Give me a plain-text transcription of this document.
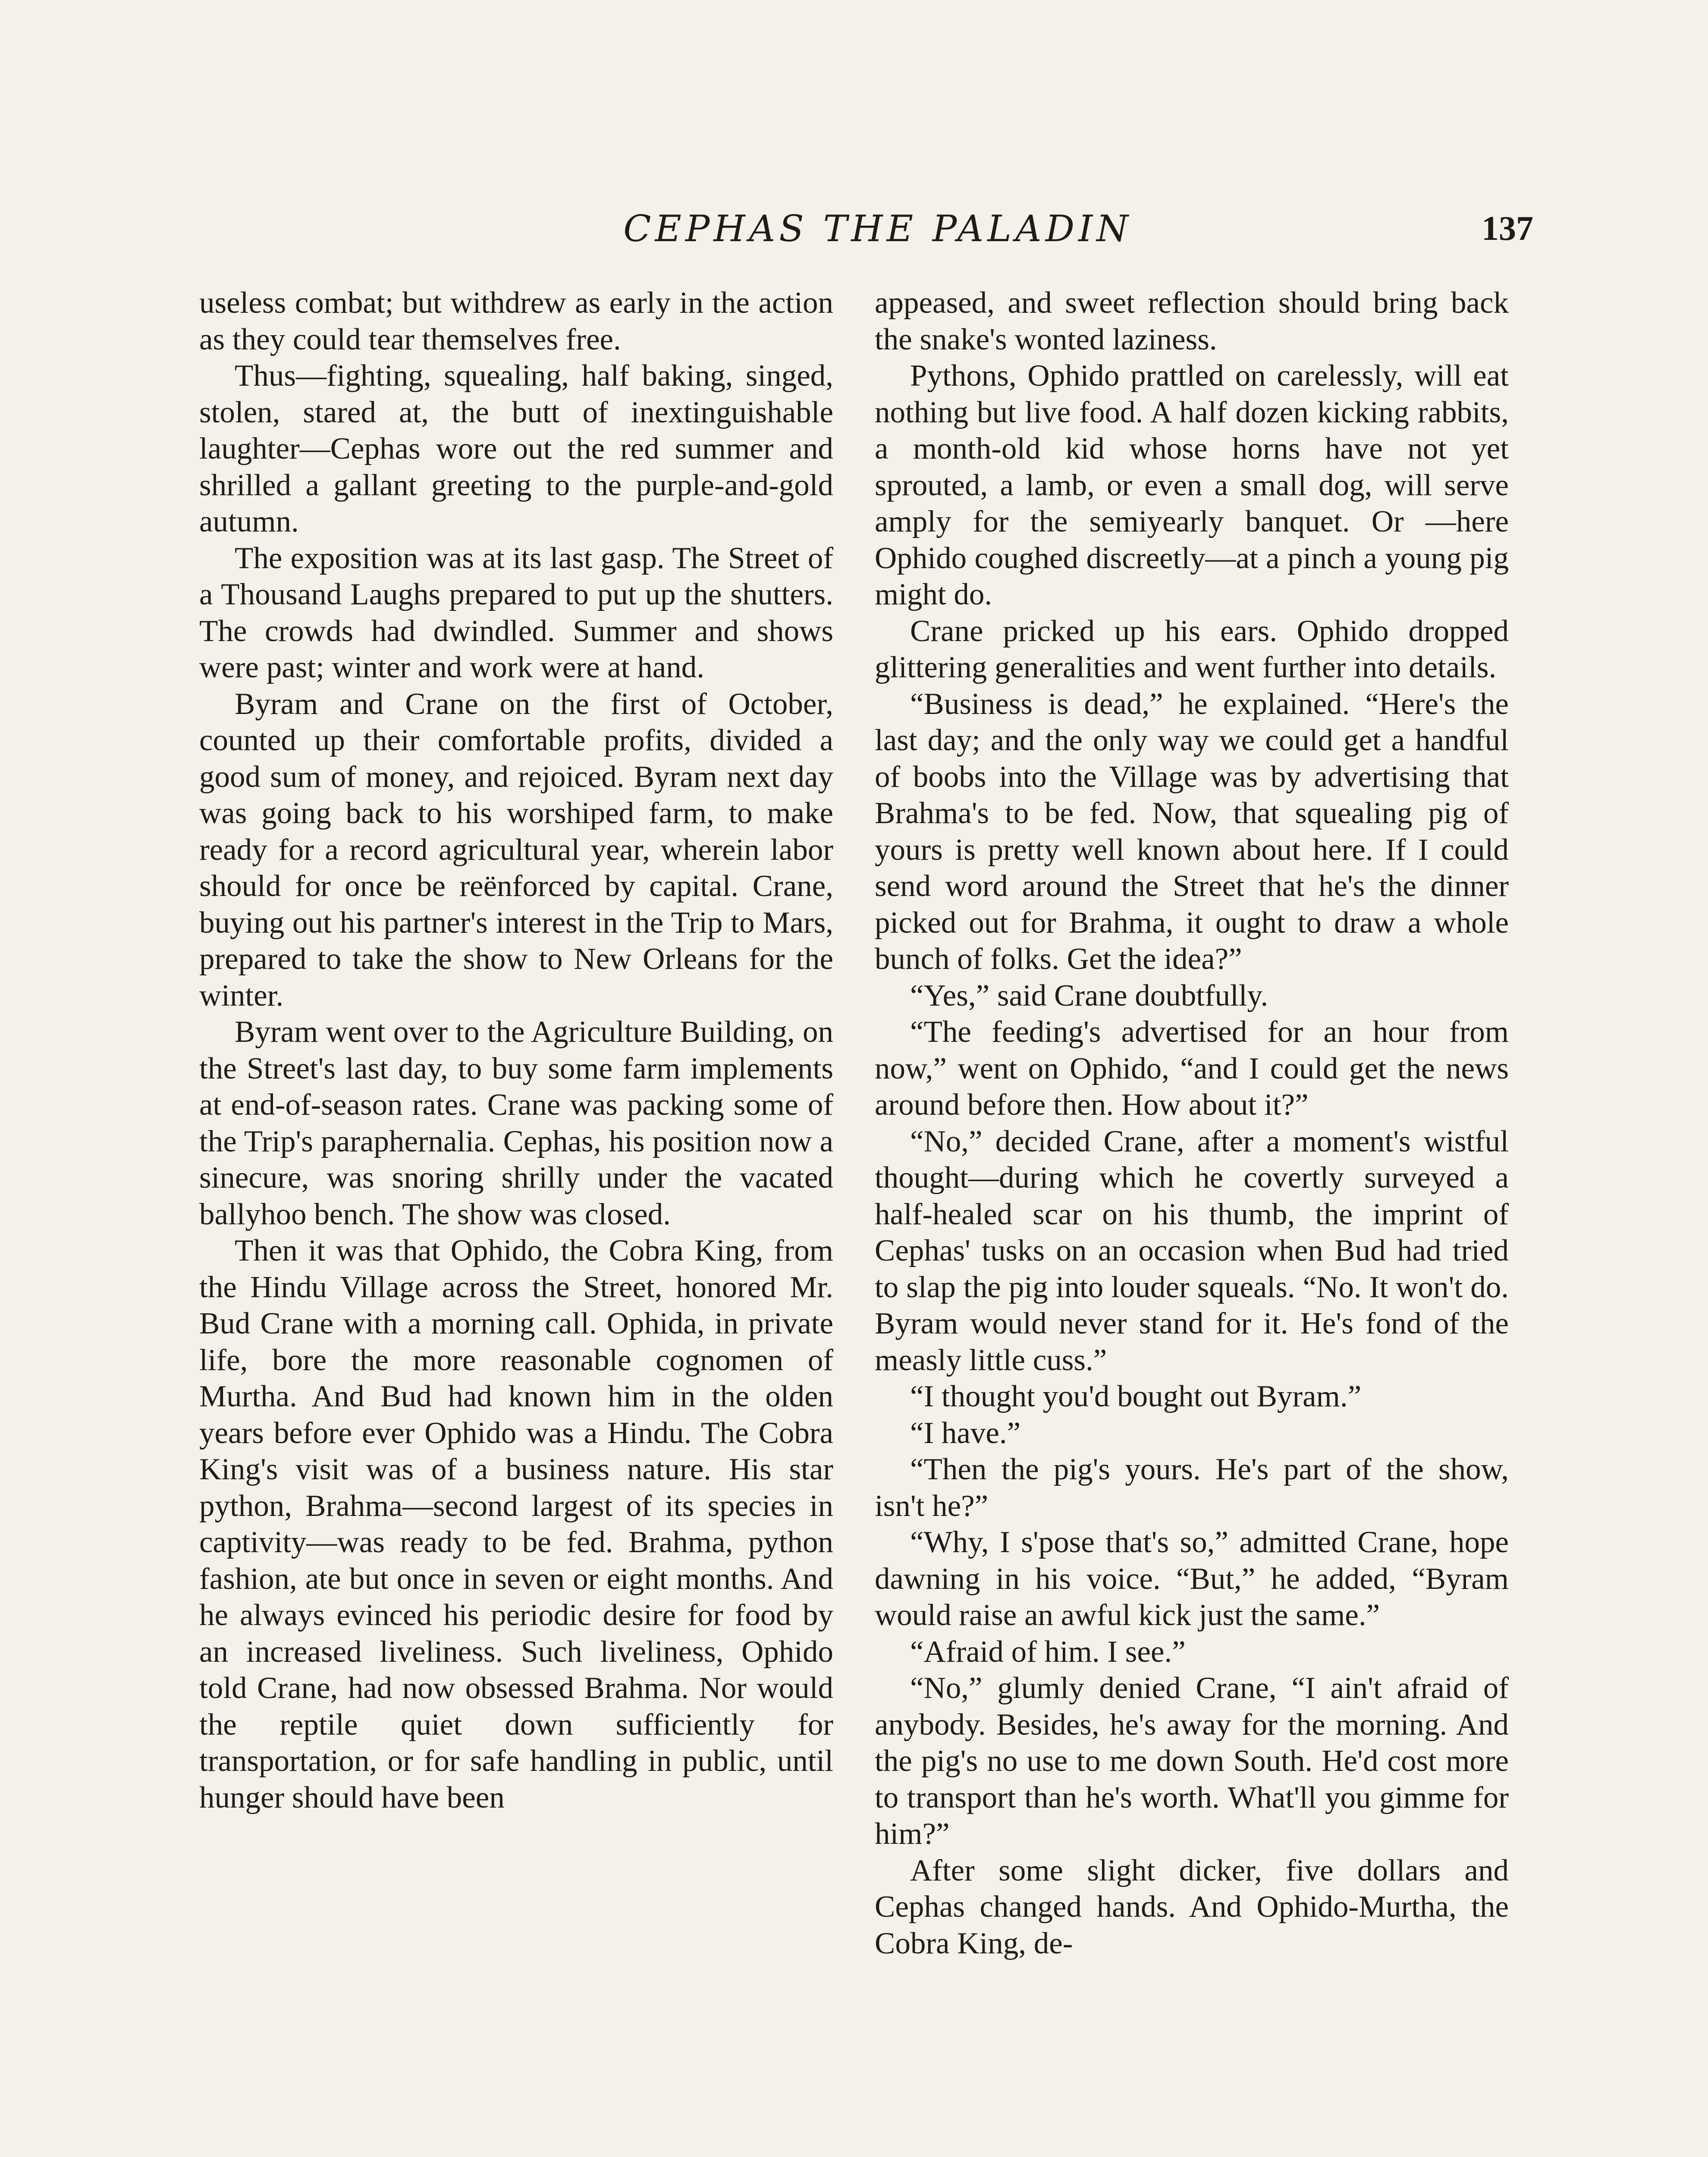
CEPHAS THE PALADIN	137

useless combat; but withdrew as early in the action as they could tear themselves free.

Thus—fighting, squealing, half baking, singed, stolen, stared at, the butt of inextinguishable laughter—Cephas wore out the red summer and shrilled a gallant greeting to the purple-and-gold autumn.

The exposition was at its last gasp. The Street of a Thousand Laughs prepared to put up the shutters. The crowds had dwindled. Summer and shows were past; winter and work were at hand.

Byram and Crane on the first of October, counted up their comfortable profits, divided a good sum of money, and rejoiced. Byram next day was going back to his worshiped farm, to make ready for a record agricultural year, wherein labor should for once be reënforced by capital. Crane, buying out his partner's interest in the Trip to Mars, prepared to take the show to New Orleans for the winter.

Byram went over to the Agriculture Building, on the Street's last day, to buy some farm implements at end-of-season rates. Crane was packing some of the Trip's paraphernalia. Cephas, his position now a sinecure, was snoring shrilly under the vacated ballyhoo bench. The show was closed.

Then it was that Ophido, the Cobra King, from the Hindu Village across the Street, honored Mr. Bud Crane with a morning call. Ophida, in private life, bore the more reasonable cognomen of Murtha. And Bud had known him in the olden years before ever Ophido was a Hindu. The Cobra King's visit was of a business nature. His star python, Brahma—second largest of its species in captivity—was ready to be fed. Brahma, python fashion, ate but once in seven or eight months. And he always evinced his periodic desire for food by an increased liveliness. Such liveliness, Ophido told Crane, had now obsessed Brahma. Nor would the reptile quiet down sufficiently for transportation, or for safe handling in public, until hunger should have been

appeased, and sweet reflection should bring back the snake's wonted laziness.

Pythons, Ophido prattled on carelessly, will eat nothing but live food. A half dozen kicking rabbits, a month-old kid whose horns have not yet sprouted, a lamb, or even a small dog, will serve amply for the semiyearly banquet. Or —here Ophido coughed discreetly—at a pinch a young pig might do.

Crane pricked up his ears. Ophido dropped glittering generalities and went further into details.

“Business is dead,” he explained. “Here's the last day; and the only way we could get a handful of boobs into the Village was by advertising that Brahma's to be fed. Now, that squealing pig of yours is pretty well known about here. If I could send word around the Street that he's the dinner picked out for Brahma, it ought to draw a whole bunch of folks. Get the idea?”

“Yes,” said Crane doubtfully.

“The feeding's advertised for an hour from now,” went on Ophido, “and I could get the news around before then. How about it?”

“No,” decided Crane, after a moment's wistful thought—during which he covertly surveyed a half-healed scar on his thumb, the imprint of Cephas' tusks on an occasion when Bud had tried to slap the pig into louder squeals. “No. It won't do. Byram would never stand for it. He's fond of the measly little cuss.”

“I thought you'd bought out Byram.”

“I have.”

“Then the pig's yours. He's part of the show, isn't he?”

“Why, I s'pose that's so,” admitted Crane, hope dawning in his voice. “But,” he added, “Byram would raise an awful kick just the same.”

“Afraid of him. I see.”

“No,” glumly denied Crane, “I ain't afraid of anybody. Besides, he's away for the morning. And the pig's no use to me down South. He'd cost more to transport than he's worth. What'll you gimme for him?”

After some slight dicker, five dollars and Cephas changed hands. And Ophido-Murtha, the Cobra King, de-
